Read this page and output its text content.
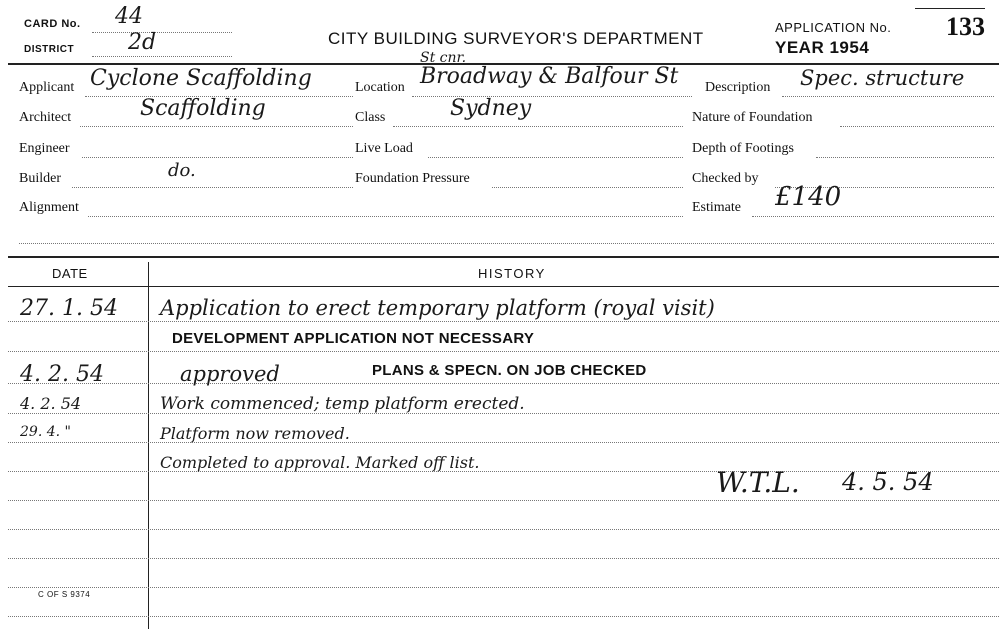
CARD No. 44
DISTRICT 2d	CITY BUILDING SURVEYOR'S DEPARTMENT
APPLICATION No. 133
YEAR 1954
St cnr.
Applicant Cyclone Scaffolding	Location Broadway & Balfour St Description Spec. structure
Architect	Scaffolding	Class	Sydney	Nature of Foundation
Engineer	Live Load	Depth of Footings
Builder	do.	Foundation Pressure	Checked by
Alignment	Estimate £140
DATE	HISTORY
27. 1. 54 Application to erect temporary platform (royal visit)
DEVELOPMENT APPLICATION NOT NECESSARY
4. 2. 54	approved	PLANS & SPECN. ON JOB CHECKED
4. 2. 54	Work commenced; temp platform erected.
29. 4. "	Platform now removed.
Completed to approval. Marked off list.
W.T.L. 4. 5. 54
C OF S 9374
